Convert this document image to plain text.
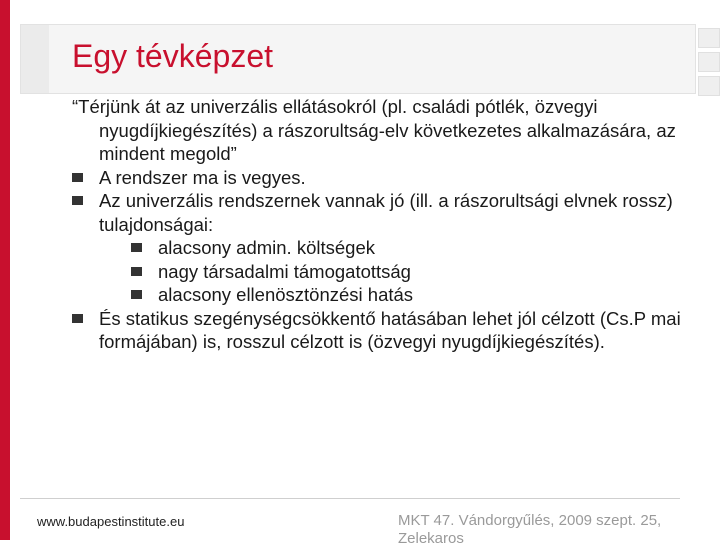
Egy tévképzet

“Térjünk át az univerzális ellátásokról (pl. családi pótlék, özvegyi nyugdíjkiegészítés) a rászorultság-elv következetes alkalmazására, az mindent megold”

A rendszer ma is vegyes.
Az univerzális rendszernek vannak jó (ill. a rászorultsági elvnek rossz) tulajdonságai:
alacsony admin. költségek
nagy társadalmi támogatottság
alacsony ellenösztönzési hatás
És statikus szegénységcsökkentő hatásában lehet jól célzott (Cs.P mai formájában) is, rosszul célzott is (özvegyi nyugdíjkiegészítés).
www.budapestinstitute.eu	MKT 47. Vándorgyűlés, 2009 szept. 25, Zelekaros
